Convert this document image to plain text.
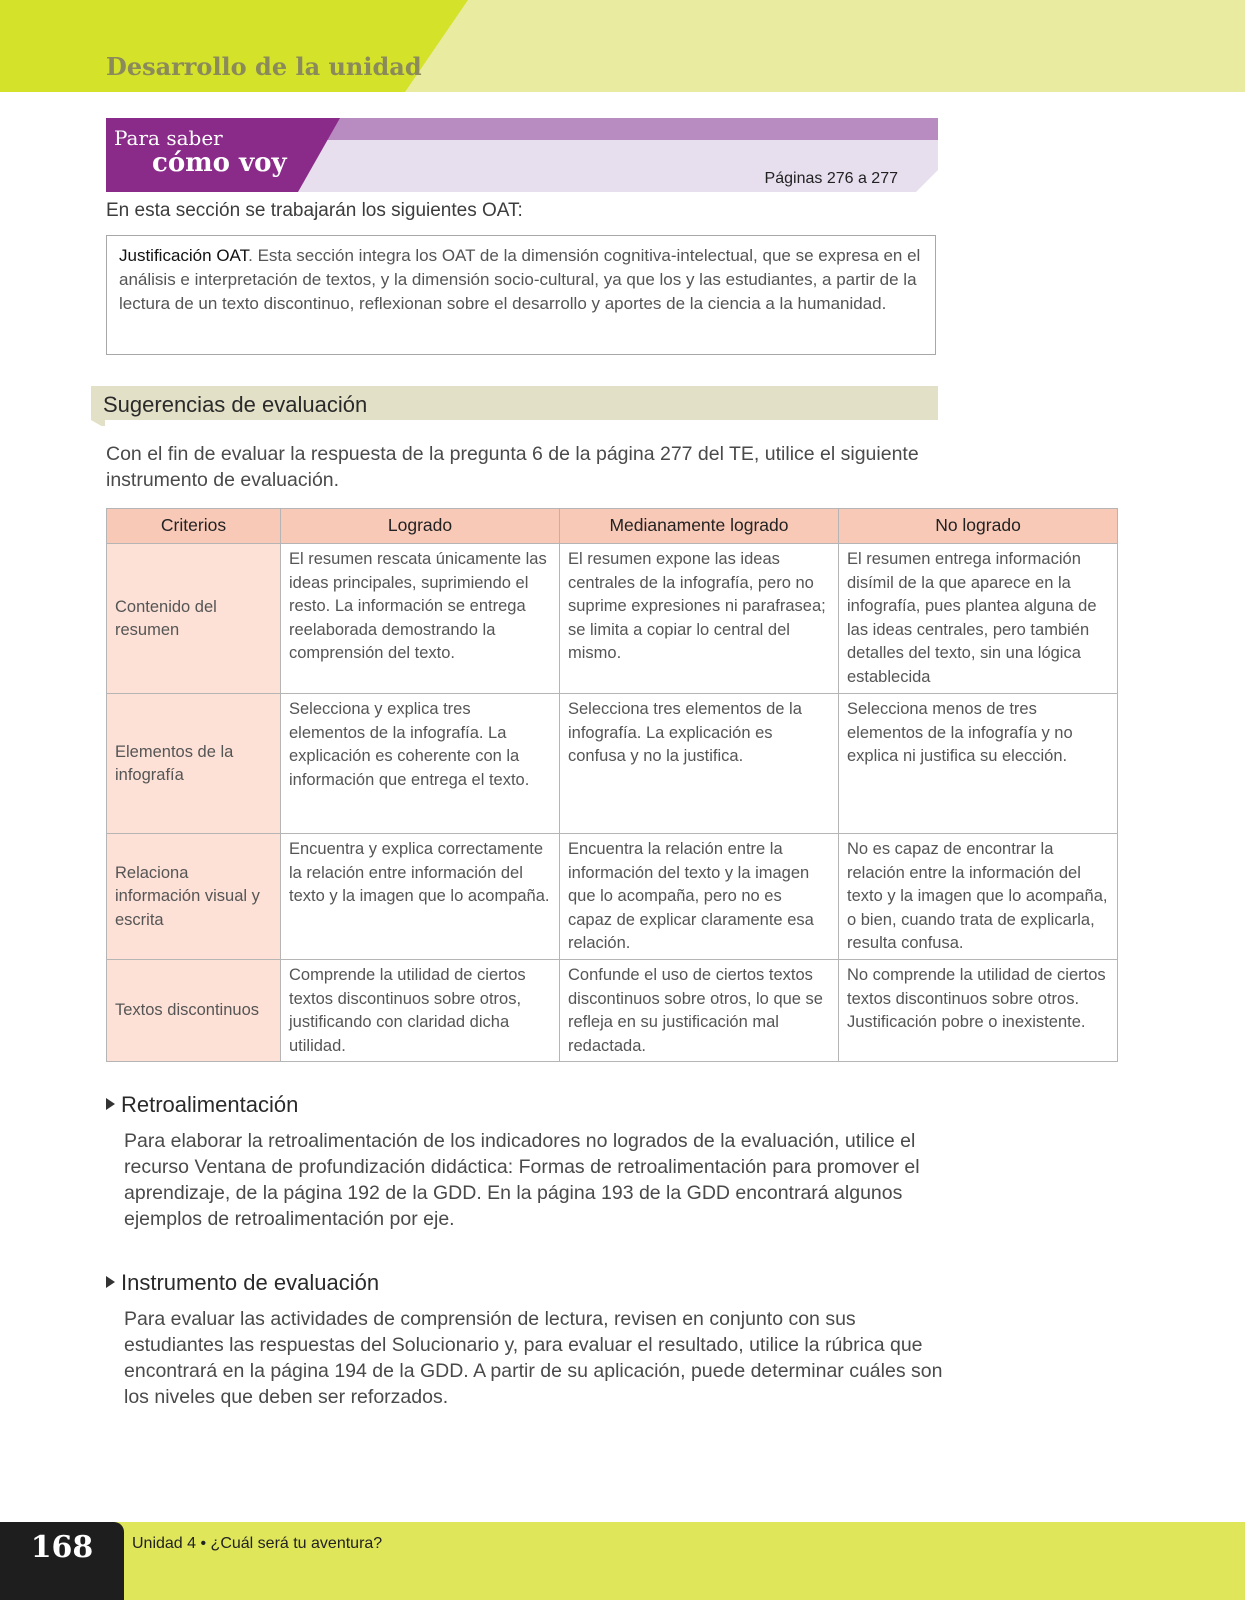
Desarrollo de la unidad
Para saber
cómo voy
Páginas 276 a 277
En esta sección se trabajarán los siguientes OAT:
Justificación OAT. Esta sección integra los OAT de la dimensión cognitiva-intelectual, que se expresa en el análisis e interpretación de textos, y la dimensión socio-cultural, ya que los y las estudiantes, a partir de la lectura de un texto discontinuo, reflexionan sobre el desarrollo y aportes de la ciencia a la humanidad.
Sugerencias de evaluación
Con el fin de evaluar la respuesta de la pregunta 6 de la página 277 del TE, utilice el siguiente instrumento de evaluación.
Criterios	Logrado	Medianamente logrado	No logrado
Contenido del resumen	El resumen rescata únicamente las ideas principales, suprimiendo el resto. La información se entrega reelaborada demostrando la comprensión del texto.	El resumen expone las ideas centrales de la infografía, pero no suprime expresiones ni parafrasea; se limita a copiar lo central del mismo.	El resumen entrega información disímil de la que aparece en la infografía, pues plantea alguna de las ideas centrales, pero también detalles del texto, sin una lógica establecida
Elementos de la infografía	Selecciona y explica tres elementos de la infografía. La explicación es coherente con la información que entrega el texto.	Selecciona tres elementos de la infografía. La explicación es confusa y no la justifica.	Selecciona menos de tres elementos de la infografía y no explica ni justifica su elección.
Relaciona información visual y escrita	Encuentra y explica correctamente la relación entre información del texto y la imagen que lo acompaña.	Encuentra la relación entre la información del texto y la imagen que lo acompaña, pero no es capaz de explicar claramente esa relación.	No es capaz de encontrar la relación entre la información del texto y la imagen que lo acompaña, o bien, cuando trata de explicarla, resulta confusa.
Textos discontinuos	Comprende la utilidad de ciertos textos discontinuos sobre otros, justificando con claridad dicha utilidad.	Confunde el uso de ciertos textos discontinuos sobre otros, lo que se refleja en su justificación mal redactada.	No comprende la utilidad de ciertos textos discontinuos sobre otros. Justificación pobre o inexistente.
Retroalimentación
Para elaborar la retroalimentación de los indicadores no logrados de la evaluación, utilice el recurso Ventana de profundización didáctica: Formas de retroalimentación para promover el aprendizaje, de la página 192 de la GDD. En la página 193 de la GDD encontrará algunos ejemplos de retroalimentación por eje.
Instrumento de evaluación
Para evaluar las actividades de comprensión de lectura, revisen en conjunto con sus estudiantes las respuestas del Solucionario y, para evaluar el resultado, utilice la rúbrica que encontrará en la página 194 de la GDD. A partir de su aplicación, puede determinar cuáles son los niveles que deben ser reforzados.
168	Unidad 4 • ¿Cuál será tu aventura?
